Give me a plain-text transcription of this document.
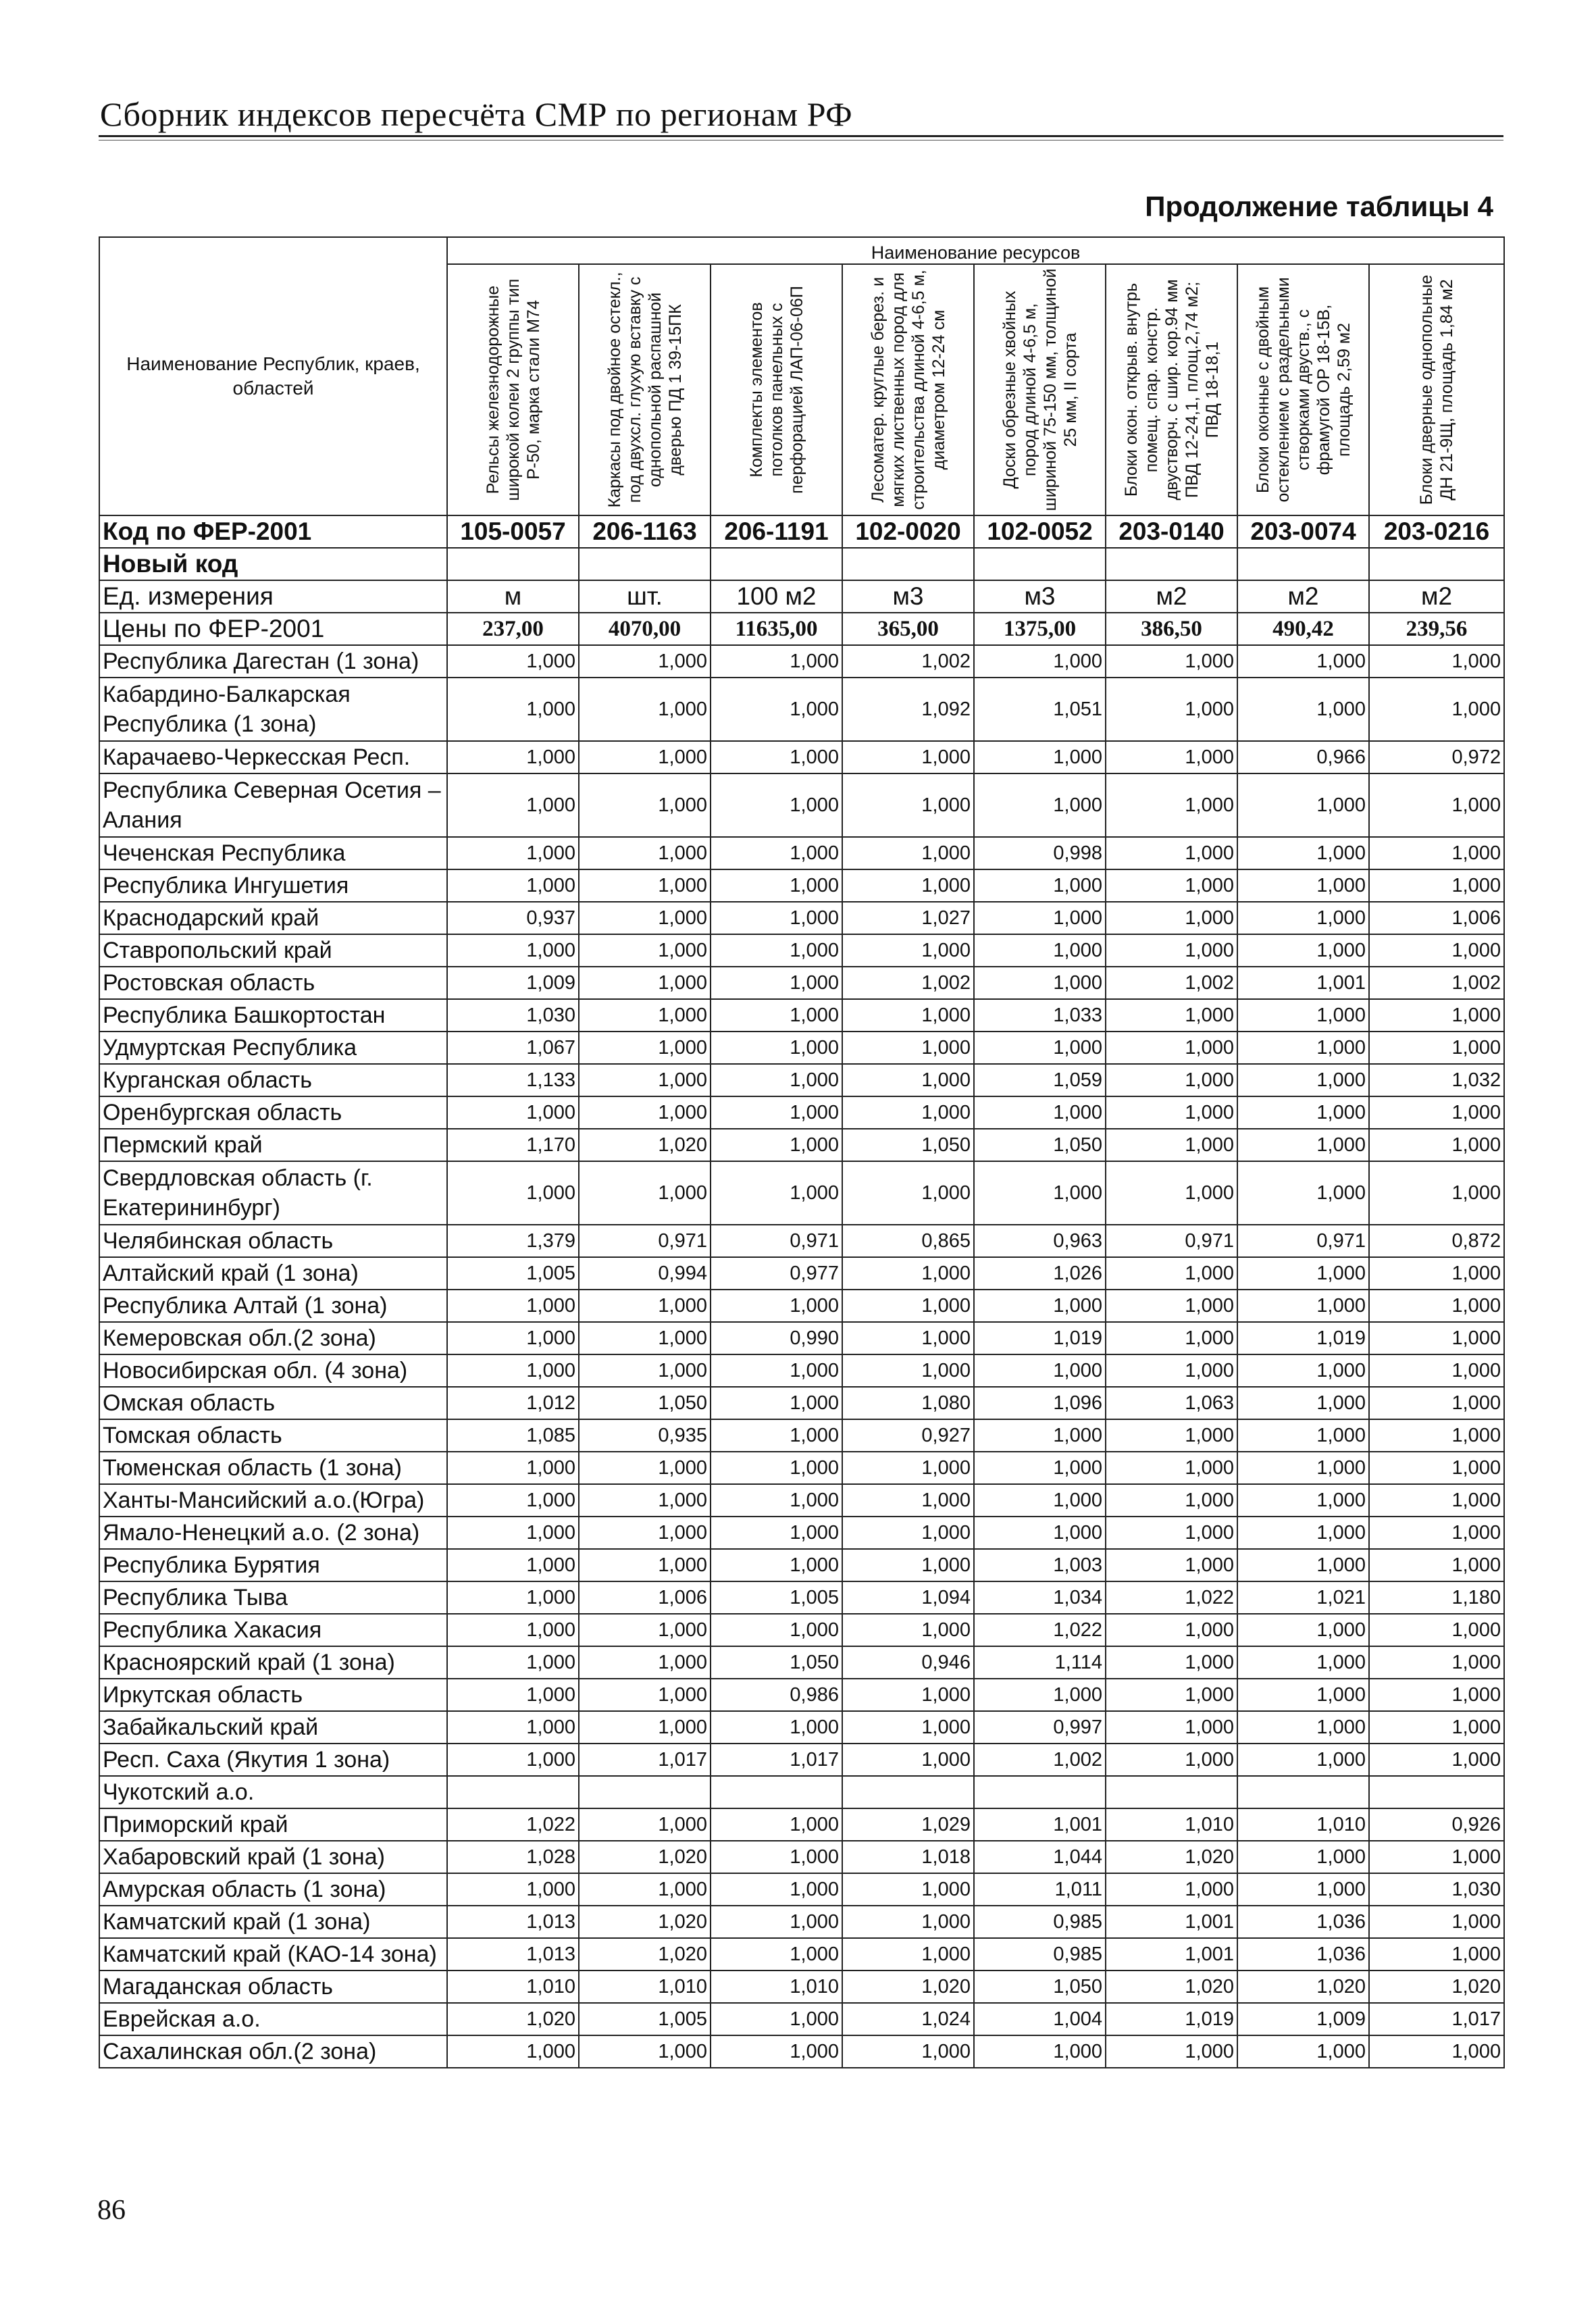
Сборник индексов пересчёта СМР по регионам РФ
Продолжение таблицы 4
Наименование Республик, краев, областей	Наименование ресурсов							

	Рельсы железнодорожные широкой колеи 2 группы тип Р-50, марка стали М74	Каркасы под двойное остекл., под двухсл. глухую вставку с однопольной распашной дверью ПД 1 39-15ПК	Комплекты элементов потолков панельных с перфорацией ЛАП-06-06П	Лесоматер. круглые берез. и мягких лиственных пород для строительства длиной 4-6,5 м, диаметром 12-24 см	Доски обрезные хвойных пород длиной 4-6,5 м, шириной 75-150 мм, толщиной 25 мм, II сорта	Блоки окон. открыв. внутрь помещ. спар. констр. двустворч. с шир. кор.94 мм ПВД 12-24,1, площ.2,74 м2; ПВД 18-18,1	Блоки оконные с двойным остеклением с раздельными створками двуств., с фрамугой ОР 18-15В, площадь 2,59 м2	Блоки дверные однопольные ДН 21-9Щ, площадь 1,84 м2

Код по ФЕР-2001	105-0057	206-1163	206-1191	102-0020	102-0052	203-0140	203-0074	203-0216
Новый код								
Ед. измерения	м	шт.	100 м2	м3	м3	м2	м2	м2
Цены по ФЕР-2001	237,00	4070,00	11635,00	365,00	1375,00	386,50	490,42	239,56
Республика Дагестан (1 зона)	1,000	1,000	1,000	1,002	1,000	1,000	1,000	1,000
Кабардино-Балкарская Республика (1 зона)	1,000	1,000	1,000	1,092	1,051	1,000	1,000	1,000
Карачаево-Черкесская Респ.	1,000	1,000	1,000	1,000	1,000	1,000	0,966	0,972
Республика Северная Осетия – Алания	1,000	1,000	1,000	1,000	1,000	1,000	1,000	1,000
Чеченская Республика	1,000	1,000	1,000	1,000	0,998	1,000	1,000	1,000
Республика Ингушетия	1,000	1,000	1,000	1,000	1,000	1,000	1,000	1,000
Краснодарский край	0,937	1,000	1,000	1,027	1,000	1,000	1,000	1,006
Ставропольский край	1,000	1,000	1,000	1,000	1,000	1,000	1,000	1,000
Ростовская область	1,009	1,000	1,000	1,002	1,000	1,002	1,001	1,002
Республика Башкортостан	1,030	1,000	1,000	1,000	1,033	1,000	1,000	1,000
Удмуртская Республика	1,067	1,000	1,000	1,000	1,000	1,000	1,000	1,000
Курганская область	1,133	1,000	1,000	1,000	1,059	1,000	1,000	1,032
Оренбургская область	1,000	1,000	1,000	1,000	1,000	1,000	1,000	1,000
Пермский край	1,170	1,020	1,000	1,050	1,050	1,000	1,000	1,000
Свердловская область (г. Екатерининбург)	1,000	1,000	1,000	1,000	1,000	1,000	1,000	1,000
Челябинская область	1,379	0,971	0,971	0,865	0,963	0,971	0,971	0,872
Алтайский край (1 зона)	1,005	0,994	0,977	1,000	1,026	1,000	1,000	1,000
Республика Алтай (1 зона)	1,000	1,000	1,000	1,000	1,000	1,000	1,000	1,000
Кемеровская обл.(2 зона)	1,000	1,000	0,990	1,000	1,019	1,000	1,019	1,000
Новосибирская обл. (4 зона)	1,000	1,000	1,000	1,000	1,000	1,000	1,000	1,000
Омская область	1,012	1,050	1,000	1,080	1,096	1,063	1,000	1,000
Томская область	1,085	0,935	1,000	0,927	1,000	1,000	1,000	1,000
Тюменская область (1 зона)	1,000	1,000	1,000	1,000	1,000	1,000	1,000	1,000
Ханты-Мансийский а.о.(Югра)	1,000	1,000	1,000	1,000	1,000	1,000	1,000	1,000
Ямало-Ненецкий а.о. (2 зона)	1,000	1,000	1,000	1,000	1,000	1,000	1,000	1,000
Республика Бурятия	1,000	1,000	1,000	1,000	1,003	1,000	1,000	1,000
Республика Тыва	1,000	1,006	1,005	1,094	1,034	1,022	1,021	1,180
Республика Хакасия	1,000	1,000	1,000	1,000	1,022	1,000	1,000	1,000
Красноярский край (1 зона)	1,000	1,000	1,050	0,946	1,114	1,000	1,000	1,000
Иркутская область	1,000	1,000	0,986	1,000	1,000	1,000	1,000	1,000
Забайкальский край	1,000	1,000	1,000	1,000	0,997	1,000	1,000	1,000
Респ. Саха (Якутия 1 зона)	1,000	1,017	1,017	1,000	1,002	1,000	1,000	1,000
Чукотский а.о.								
Приморский край	1,022	1,000	1,000	1,029	1,001	1,010	1,010	0,926
Хабаровский край (1 зона)	1,028	1,020	1,000	1,018	1,044	1,020	1,000	1,000
Амурская область (1 зона)	1,000	1,000	1,000	1,000	1,011	1,000	1,000	1,030
Камчатский край (1 зона)	1,013	1,020	1,000	1,000	0,985	1,001	1,036	1,000
Камчатский край (КАО-14 зона)	1,013	1,020	1,000	1,000	0,985	1,001	1,036	1,000
Магаданская область	1,010	1,010	1,010	1,020	1,050	1,020	1,020	1,020
Еврейская а.о.	1,020	1,005	1,000	1,024	1,004	1,019	1,009	1,017
Сахалинская обл.(2 зона)	1,000	1,000	1,000	1,000	1,000	1,000	1,000	1,000
86
